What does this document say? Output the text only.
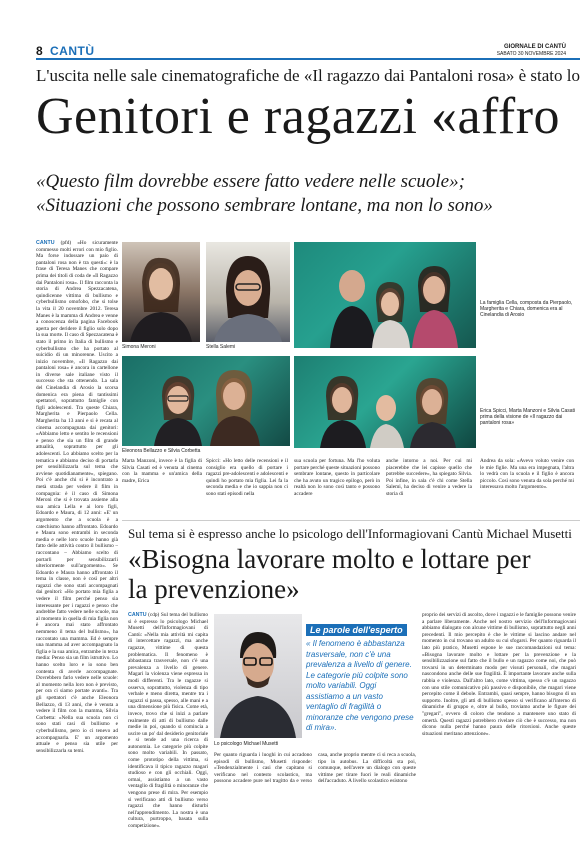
8 CANTÙ	GIORNALE DI CANTÙ
SABATO 30 NOVEMBRE 2024
L'uscita nelle sale cinematografiche de «Il ragazzo dai Pantaloni rosa» è stato lo
Genitori e ragazzi «affro
«Questo film dovrebbe essere fatto vedere nelle scuole»;
«Situazioni che possono sembrare lontane, ma non lo sono»
CANTÙ (pfd) «Ho sicuramente commesso molti errori con mio figlio. Ma forse indossare un paio di pantaloni rosa non è tra questi»: è la frase di Teresa Manes che compare prima dei titoli di coda de «Il Ragazzo dai Pantaloni rosa». Il film racconta la storia di Andrea Spezzacatena, quindicenne vittima di bullismo e cyberbullismo omofobo, che si tolse la vita il 20 novembre 2012. Teresa Manes è la mamma di Andrea e venne a conoscenza della pagina Facebook aperta per deridere il figlio solo dopo la sua morte. Il caso di Spezzacatena è stato il primo in Italia di bullismo e cyberbullismo che ha portato al suicidio di un minorenne. Uscito a inizio novembre, «Il Ragazzo dai pantaloni rosa» è ancora in cartellone in diverse sale italiane visto il successo che sta ottenendo. La sala del Cinelandia di Arosio la scorsa domenica era piena di tantissimi spettatori, soprattutto famiglie con figli adolescenti. Tra queste Chiara, Margherita e Pierpaolo Cella. Margherita ha 13 anni e si è recata al cinema accompagnata dai genitori: «Abbiamo letto e sentito le recensioni e penso che sia un film di grande attualità, soprattutto per gli adolescenti. Lo abbiamo scelto per la tematica e abbiamo deciso di portarla per sensibilizzarla sul tema che avviene quotidianamente», spiegano. Poi c'è anche chi si è incontrato a metà strada per vedere il film in compagnia: è il caso di Simona Meroni che si è trovata assieme alla sua amica Lella e ai loro figli, Edoardo e Maura, di 12 anni: «E' un argomento che a scuola è a catechismo hanno affrontato. Edoardo e Maura sono entrambi in seconda media e nelle loro scuole hanno già fatto delle attività contro il bullismo – raccontano – Abbiamo scelto di portarli per sensibilizzarli ulteriormente sull'argomento». Se Edoardo e Maura hanno affrontato il tema in classe, non è così per altri ragazzi che sono stati accompagnati dai genitori: «Ho portato mia figlia a vedere il film perché penso sia interessante per i ragazzi e penso che andrebbe fatto vedere nelle scuole, ma al momento in quella di mia figlia non è ancora mai stato affrontato nemmeno il tema del bullismo», ha raccontato una mamma. Ed è sempre una mamma ad aver accompagnato la figlia e la sua amica, entrambe in terza media: Penso sia un film istruttivo. Lo hanno scelto loro e io sono ben contenta di averle accompagnate. Dovrebbero farlo vedere nelle scuole: al momento nella loro non è previsto, per ora ci siamo portate avanti». Tra gli spettatori c'è anche Eleonora Bellazzo, di 13 anni, che è venuta a vedere il film con la mamma, Silvia Corbetta: «Nella sua scuola non ci sono stati casi di bullismo e cyberbullismo, pero io ci tenevo ad accompagnarla. E' un argomento attuale e penso sia utile per sensibilizzarla su temi.
Simona Meroni	Stella Salemi
La famiglia Cella, composta da Pierpaolo, Margherita e Chiara, domenica era al Cinelandia di Arosio
Eleonora Bellazzo e Silvia Corbetta
Erica Spicci, Marta Manzoni e Silvia Casati prima della visione de «Il ragazzo dai pantaloni rosa»
Marta Manzoni, invece è la figlia di Silvia Casati ed è venuta al cinema con la mamma e un'amica della madre, Erica
Spicci: «Ho letto delle recensioni e il consiglio era quello di portare i ragazzi pre-adolescenti e adolescenti e quindi ho portato mia figlia. Lei fa la seconda media e che io sappia non ci sono stati episodi nella
sua scuola per fortuna. Ma l'ho voluta portare perché queste situazioni possono sembrare lontane, questo in particolare che ha avuto un tragico epilogo, però in realtà non lo sono così tanto e possono accadere
anche intorno a noi. Per cui mi piacerebbe che lei capisse quello che potrebbe succedere», ha spiegato Silvia. Poi infine, in sala c'è chi come Stella Salemi, ha deciso di venire a vedere la storia di
Andrea da sola: «Avevo voluto venire con le mie figlie. Ma una era impegnata, l'altra lo vedrà con la scuola e il figlio è ancora piccolo. Così sono venuta da sola perché mi interessava molto l'argomento».
Sul tema si è espresso anche lo psicologo dell'Informagiovani Cantù Michael Musetti
«Bisogna lavorare molto e lottare per la prevenzione»
CANTÙ (cdp) Sul tema del bullismo si è espresso lo psicologo Michael Musetti dell'Informagiovani di Cantù: «Nella mia attività mi capita di intercettare ragazzi, ma anche ragazze, vittime di questa problematica. Il fenomeno è abbastanza trasversale, non c'è una prevalenza a livello di genere. Magari la violenza viene espressa in modi differenti. Tra le ragazze si osserva, soprattutto, violenza di tipo verbale e meno diretta, mentre tra i ragazzi si passa, spesso, alle mani e a una dimensione più fisica. Come età, invece, trovo che si inizi a parlare realmente di atti di bullismo dalle medie in poi, quando si comincia a uscire un po' dal desiderio genitoriale e si tende ad una ricerca di autonomia. Le categorie più colpite sono molto variabili. In passato, come prototipo della vittima, si identificava il tipico ragazzo magari studioso e con gli occhiali. Oggi, ormai, assistiamo a un vasto ventaglio di fragilità o minoranze che vengono prese di mira. Per esempio si verificano atti di bullismo verso ragazzi che hanno disturbi nell'apprendimento. La nostra è una cultura, purtroppo, basata sulla competizione».
Lo psicologo Michael Musetti
Le parole dell'esperto

« Il fenomeno è abbastanza trasversale, non c'è una prevalenza a livello di genere. Le categorie più colpite sono molto variabili. Oggi assistiamo a un vasto ventaglio di fragilità o minoranze che vengono prese di mira».

Per quanto riguarda i luoghi in cui accadono episodi di bullismo, Musetti risponde: «Tendenzialmente i casi che capitano si verificano nel contesto scolastico, ma possono accadere pure nel tragitto da e verso casa, anche proprio mentre ci si reca a scuola, tipo in autobus. La difficoltà sta poi, comunque, nell'avere un dialogo con queste vittime per tirare fuori le reali dinamiche dell'accaduto. A livello scolastico esistono
proprio dei servizi di ascolto, dove i ragazzi e le famiglie possono venire a parlare liberamente. Anche nel nostro servizio dell'Informagiovani abbiamo dialogato con alcune vittime di bullismo, soprattutto negli anni precedenti. Il mio percepito è che le vittime si lascino andare nel momento in cui trovano un adulto su cui sfogarsi. Per quanto riguarda il lato più pratico, Musetti espone le sue raccomandazioni sul tema: «Bisogna lavorare molto e lottare per la prevenzione e la sensibilizzazione sul fatto che il bullo e un ragazzo come noi, che può trovarsi in un determinato modo per vissuti personali, che magari nascondono anche delle sue fragilità. È importante lavorare anche sulla rabbia e violenza. Dall'altro lato, come vittima, spesso c'è un ragazzo con uno stile comunicativo più passivo e disponibile, che magari viene percepito come il debole. Entrambi, quasi sempre, hanno bisogno di un supporto. Inoltre, gli atti di bullismo spesso si verificano all'interno di dinamiche di gruppo e, oltre al bullo, troviamo anche le figure dei "gregari", ovvero di coloro che tendono a mantenere uno stato di omertà. Questi ragazzi potrebbero rivelare ciò che è successo, ma non dicono nulla perché hanno paura delle ritorsioni. Anche queste situazioni meritano attenzione».
